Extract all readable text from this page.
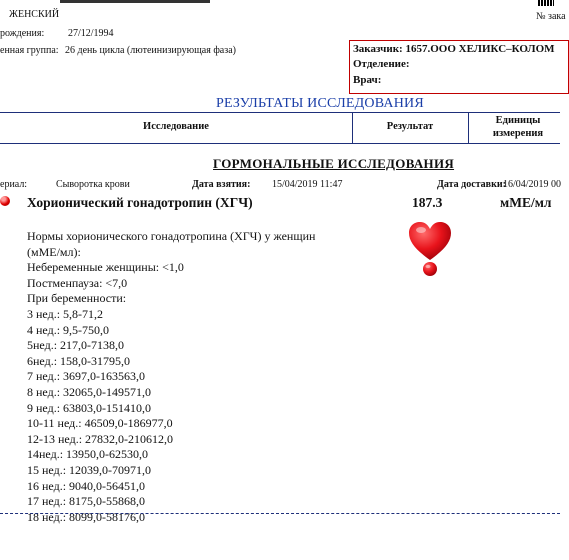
№ зака
ЖЕНСКИЙ
рождения: 27/12/1994
енная группа: 26 день цикла (лютеинизирующая фаза)	Заказчик: 1657.ООО ХЕЛИКС–КОЛОМ
Отделение:
Врач:
РЕЗУЛЬТАТЫ ИССЛЕДОВАНИЯ
Исследование	Результат
Единицы
измерения
ГОРМОНАЛЬНЫЕ ИССЛЕДОВАНИЯ
ериал:	Сыворотка крови	Дата взятия: 15/04/2019 11:47	Дата доставки:
16/04/2019 00
Хорионический гонадотропин (ХГЧ)	187.3	мМЕ/мл
Нормы хорионического гонадотропина (ХГЧ) у женщин
(мМЕ/мл):
Небеременные женщины: <1,0
Постменпауза: <7,0
При беременности:
3 нед.: 5,8-71,2
4 нед.: 9,5-750,0
5нед.: 217,0-7138,0
6нед.: 158,0-31795,0
7 нед.: 3697,0-163563,0
8 нед.: 32065,0-149571,0
9 нед.: 63803,0-151410,0
10-11 нед.: 46509,0-186977,0
12-13 нед.: 27832,0-210612,0
14нед.: 13950,0-62530,0
15 нед.: 12039,0-70971,0
16 нед.: 9040,0-56451,0
17 нед.: 8175,0-55868,0
18 нед.: 8099,0-58176,0
